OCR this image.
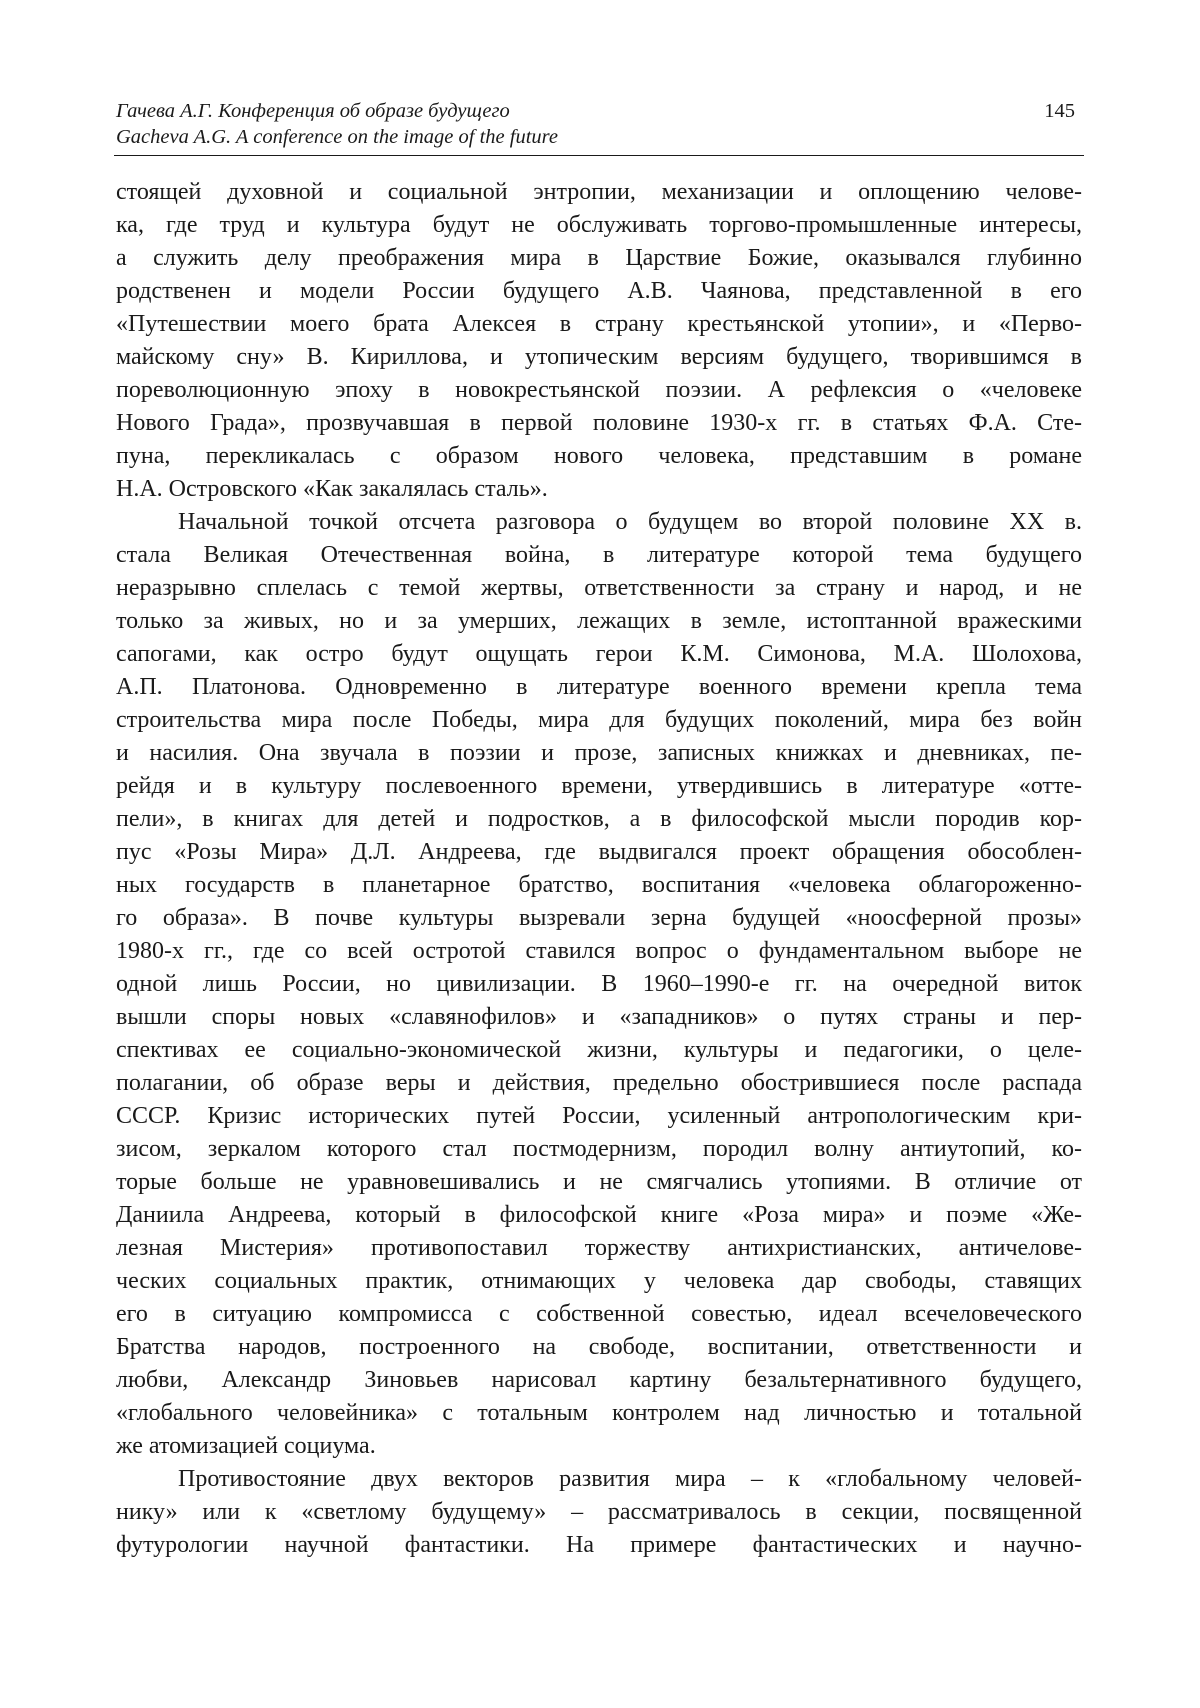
Гачева А.Г. Конференция об образе будущего
Gacheva A.G. A conference on the image of the future
145
стоящей духовной и социальной энтропии, механизации и оплощению челове-
ка, где труд и культура будут не обслуживать торгово-промышленные интересы,
а служить делу преображения мира в Царствие Божие, оказывался глубинно
родственен и модели России будущего А.В. Чаянова, представленной в его
«Путешествии моего брата Алексея в страну крестьянской утопии», и «Перво-
майскому сну» В. Кириллова, и утопическим версиям будущего, творившимся в
пореволюционную эпоху в новокрестьянской поэзии. А рефлексия о «человеке
Нового Града», прозвучавшая в первой половине 1930-х гг. в статьях Ф.А. Сте-
пуна, перекликалась с образом нового человека, представшим в романе
Н.А. Островского «Как закалялась сталь».
Начальной точкой отсчета разговора о будущем во второй половине XX в.
стала Великая Отечественная война, в литературе которой тема будущего
неразрывно сплелась с темой жертвы, ответственности за страну и народ, и не
только за живых, но и за умерших, лежащих в земле, истоптанной вражескими
сапогами, как остро будут ощущать герои К.М. Симонова, М.А. Шолохова,
А.П. Платонова. Одновременно в литературе военного времени крепла тема
строительства мира после Победы, мира для будущих поколений, мира без войн
и насилия. Она звучала в поэзии и прозе, записных книжках и дневниках, пе-
рейдя и в культуру послевоенного времени, утвердившись в литературе «отте-
пели», в книгах для детей и подростков, а в философской мысли породив кор-
пус «Розы Мира» Д.Л. Андреева, где выдвигался проект обращения обособлен-
ных государств в планетарное братство, воспитания «человека облагороженно-
го образа». В почве культуры вызревали зерна будущей «ноосферной прозы»
1980-х гг., где со всей остротой ставился вопрос о фундаментальном выборе не
одной лишь России, но цивилизации. В 1960–1990-е гг. на очередной виток
вышли споры новых «славянофилов» и «западников» о путях страны и пер-
спективах ее социально-экономической жизни, культуры и педагогики, о целе-
полагании, об образе веры и действия, предельно обострившиеся после распада
СССР. Кризис исторических путей России, усиленный антропологическим кри-
зисом, зеркалом которого стал постмодернизм, породил волну антиутопий, ко-
торые больше не уравновешивались и не смягчались утопиями. В отличие от
Даниила Андреева, который в философской книге «Роза мира» и поэме «Же-
лезная Мистерия» противопоставил торжеству антихристианских, античелове-
ческих социальных практик, отнимающих у человека дар свободы, ставящих
его в ситуацию компромисса с собственной совестью, идеал всечеловеческого
Братства народов, построенного на свободе, воспитании, ответственности и
любви, Александр Зиновьев нарисовал картину безальтернативного будущего,
«глобального человейника» с тотальным контролем над личностью и тотальной
же атомизацией социума.
Противостояние двух векторов развития мира – к «глобальному человей-
нику» или к «светлому будущему» – рассматривалось в секции, посвященной
футурологии научной фантастики. На примере фантастических и научно-
